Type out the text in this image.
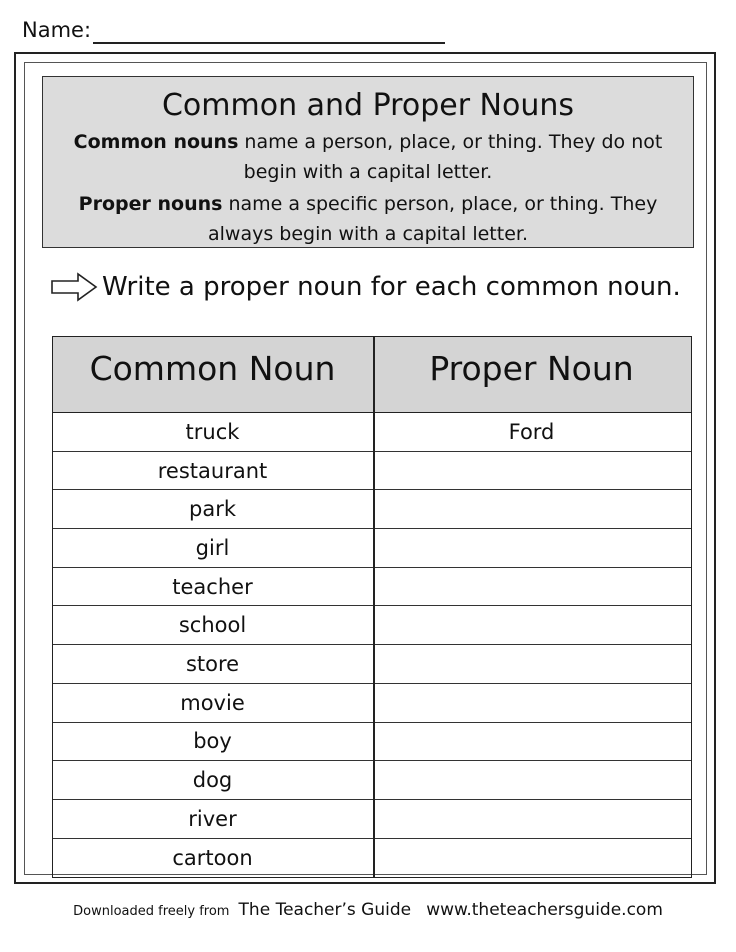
Name:
Common and Proper Nouns
Common nouns name a person, place, or thing. They do not begin with a capital letter.
Proper nouns name a specific person, place, or thing. They always begin with a capital letter.
Write a proper noun for each common noun.
Common Noun	Proper Noun
truck	Ford
restaurant
park
girl
teacher
school
store
movie
boy
dog
river
cartoon
Downloaded freely from The Teacher’s Guide www.theteachersguide.com
